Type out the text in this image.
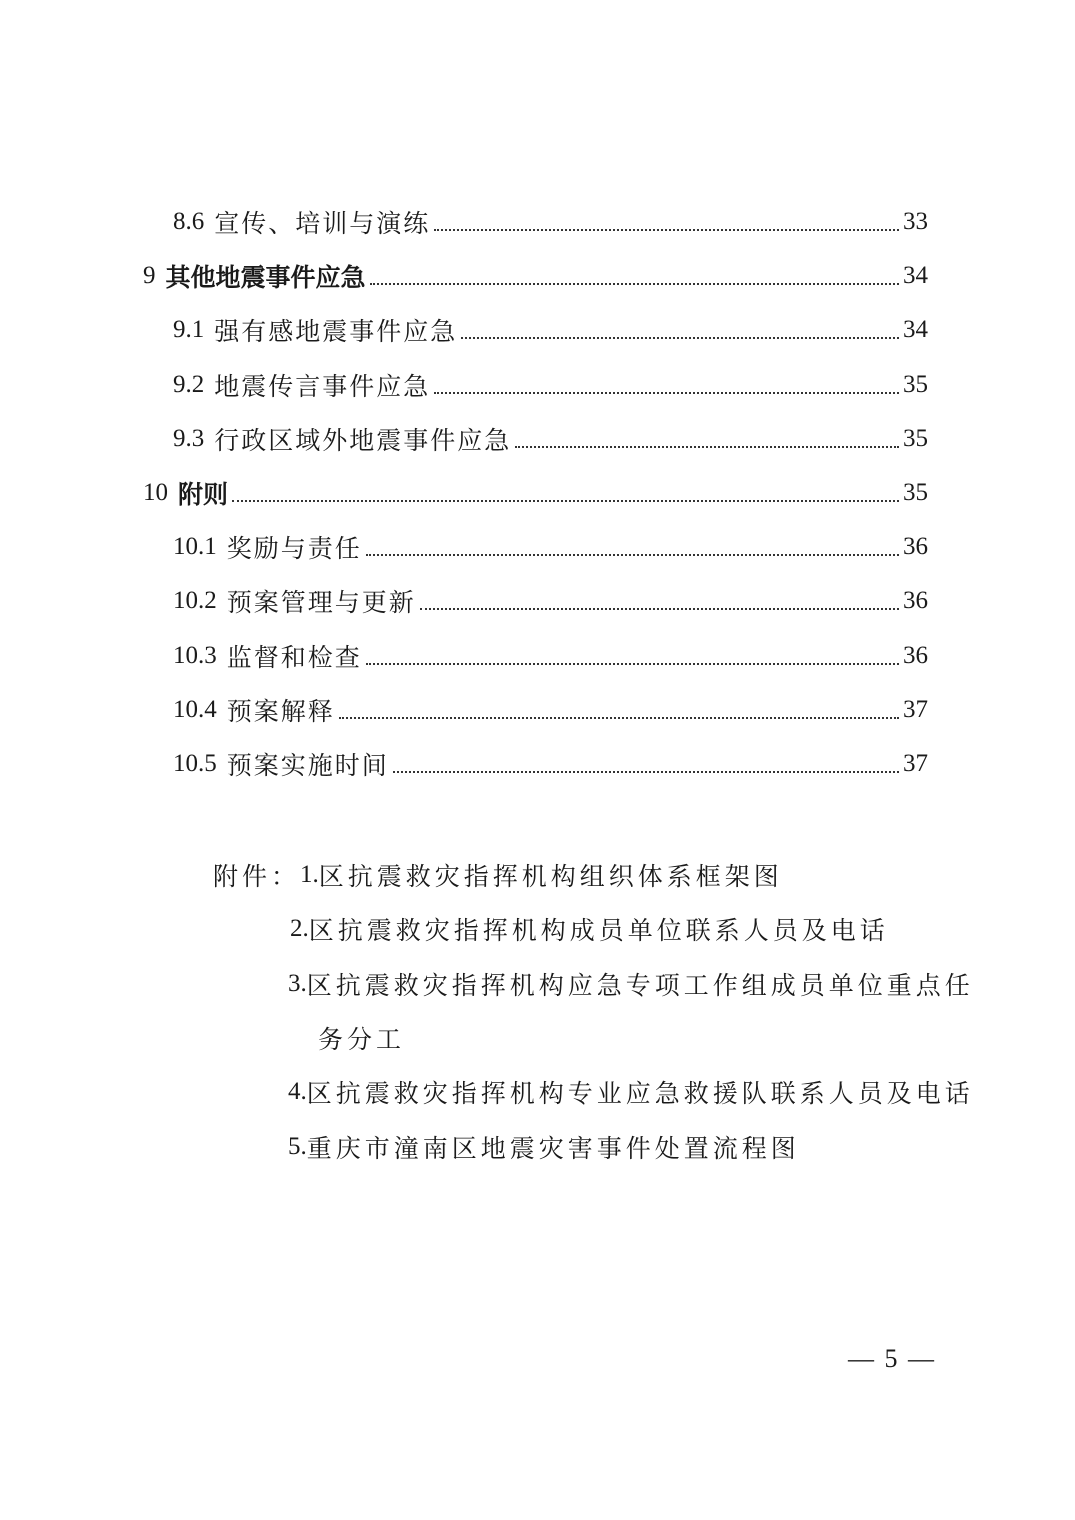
8.6 宣传、培训与演练	33
9 其他地震事件应急	34
9.1 强有感地震事件应急	34
9.2 地震传言事件应急	35
9.3 行政区域外地震事件应急	35
10 附则	35
10.1 奖励与责任	36
10.2 预案管理与更新	36
10.3 监督和检查	36
10.4 预案解释	37
10.5 预案实施时间	37
附件： 1. 区抗震救灾指挥机构组织体系框架图
2. 区抗震救灾指挥机构成员单位联系人员及电话
3. 区抗震救灾指挥机构应急专项工作组成员单位重点任
务分工
4. 区抗震救灾指挥机构专业应急救援队联系人员及电话
5. 重庆市潼南区地震灾害事件处置流程图
— 5 —
